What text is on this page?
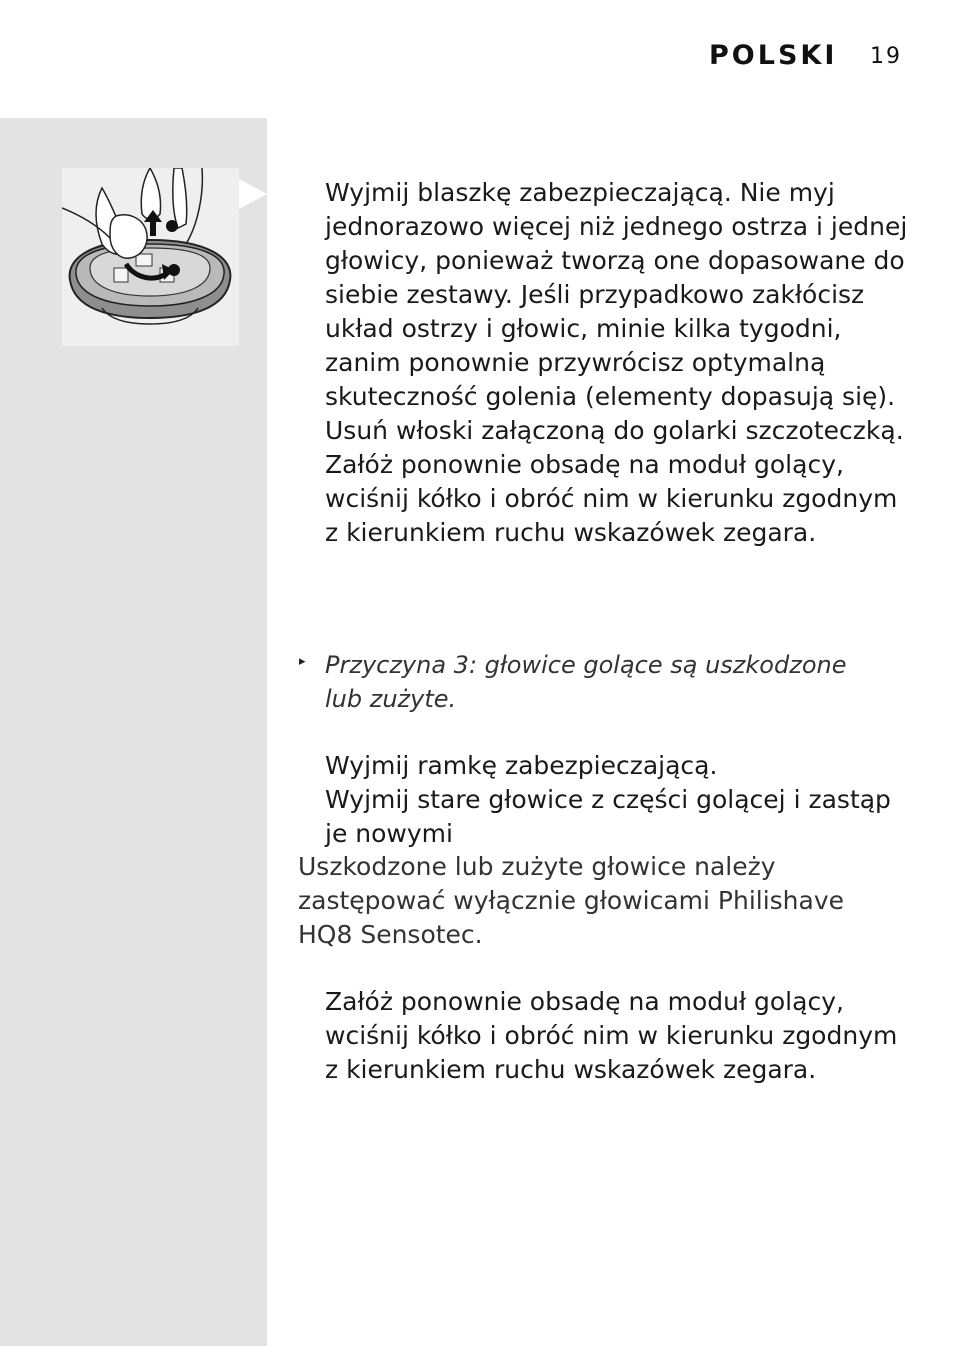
POLSKI 19

Wyjmij blaszkę zabezpieczającą. Nie myj jednorazowo więcej niż jednego ostrza i jednej głowicy, ponieważ tworzą one dopasowane do siebie zestawy. Jeśli przypadkowo zakłócisz układ ostrzy i głowic, minie kilka tygodni, zanim ponownie przywrócisz optymalną skuteczność golenia (elementy dopasują się).

Usuń włoski załączoną do golarki szczoteczką.

Załóż ponownie obsadę na moduł golący, wciśnij kółko i obróć nim w kierunku zgodnym z kierunkiem ruchu wskazówek zegara.

▸ Przyczyna 3: głowice golące są uszkodzone lub zużyte.

Wyjmij ramkę zabezpieczającą.

Wyjmij stare głowice z części golącej i zastąp je nowymi

Uszkodzone lub zużyte głowice należy zastępować wyłącznie głowicami Philishave HQ8 Sensotec.

Załóż ponownie obsadę na moduł golący, wciśnij kółko i obróć nim w kierunku zgodnym z kierunkiem ruchu wskazówek zegara.
